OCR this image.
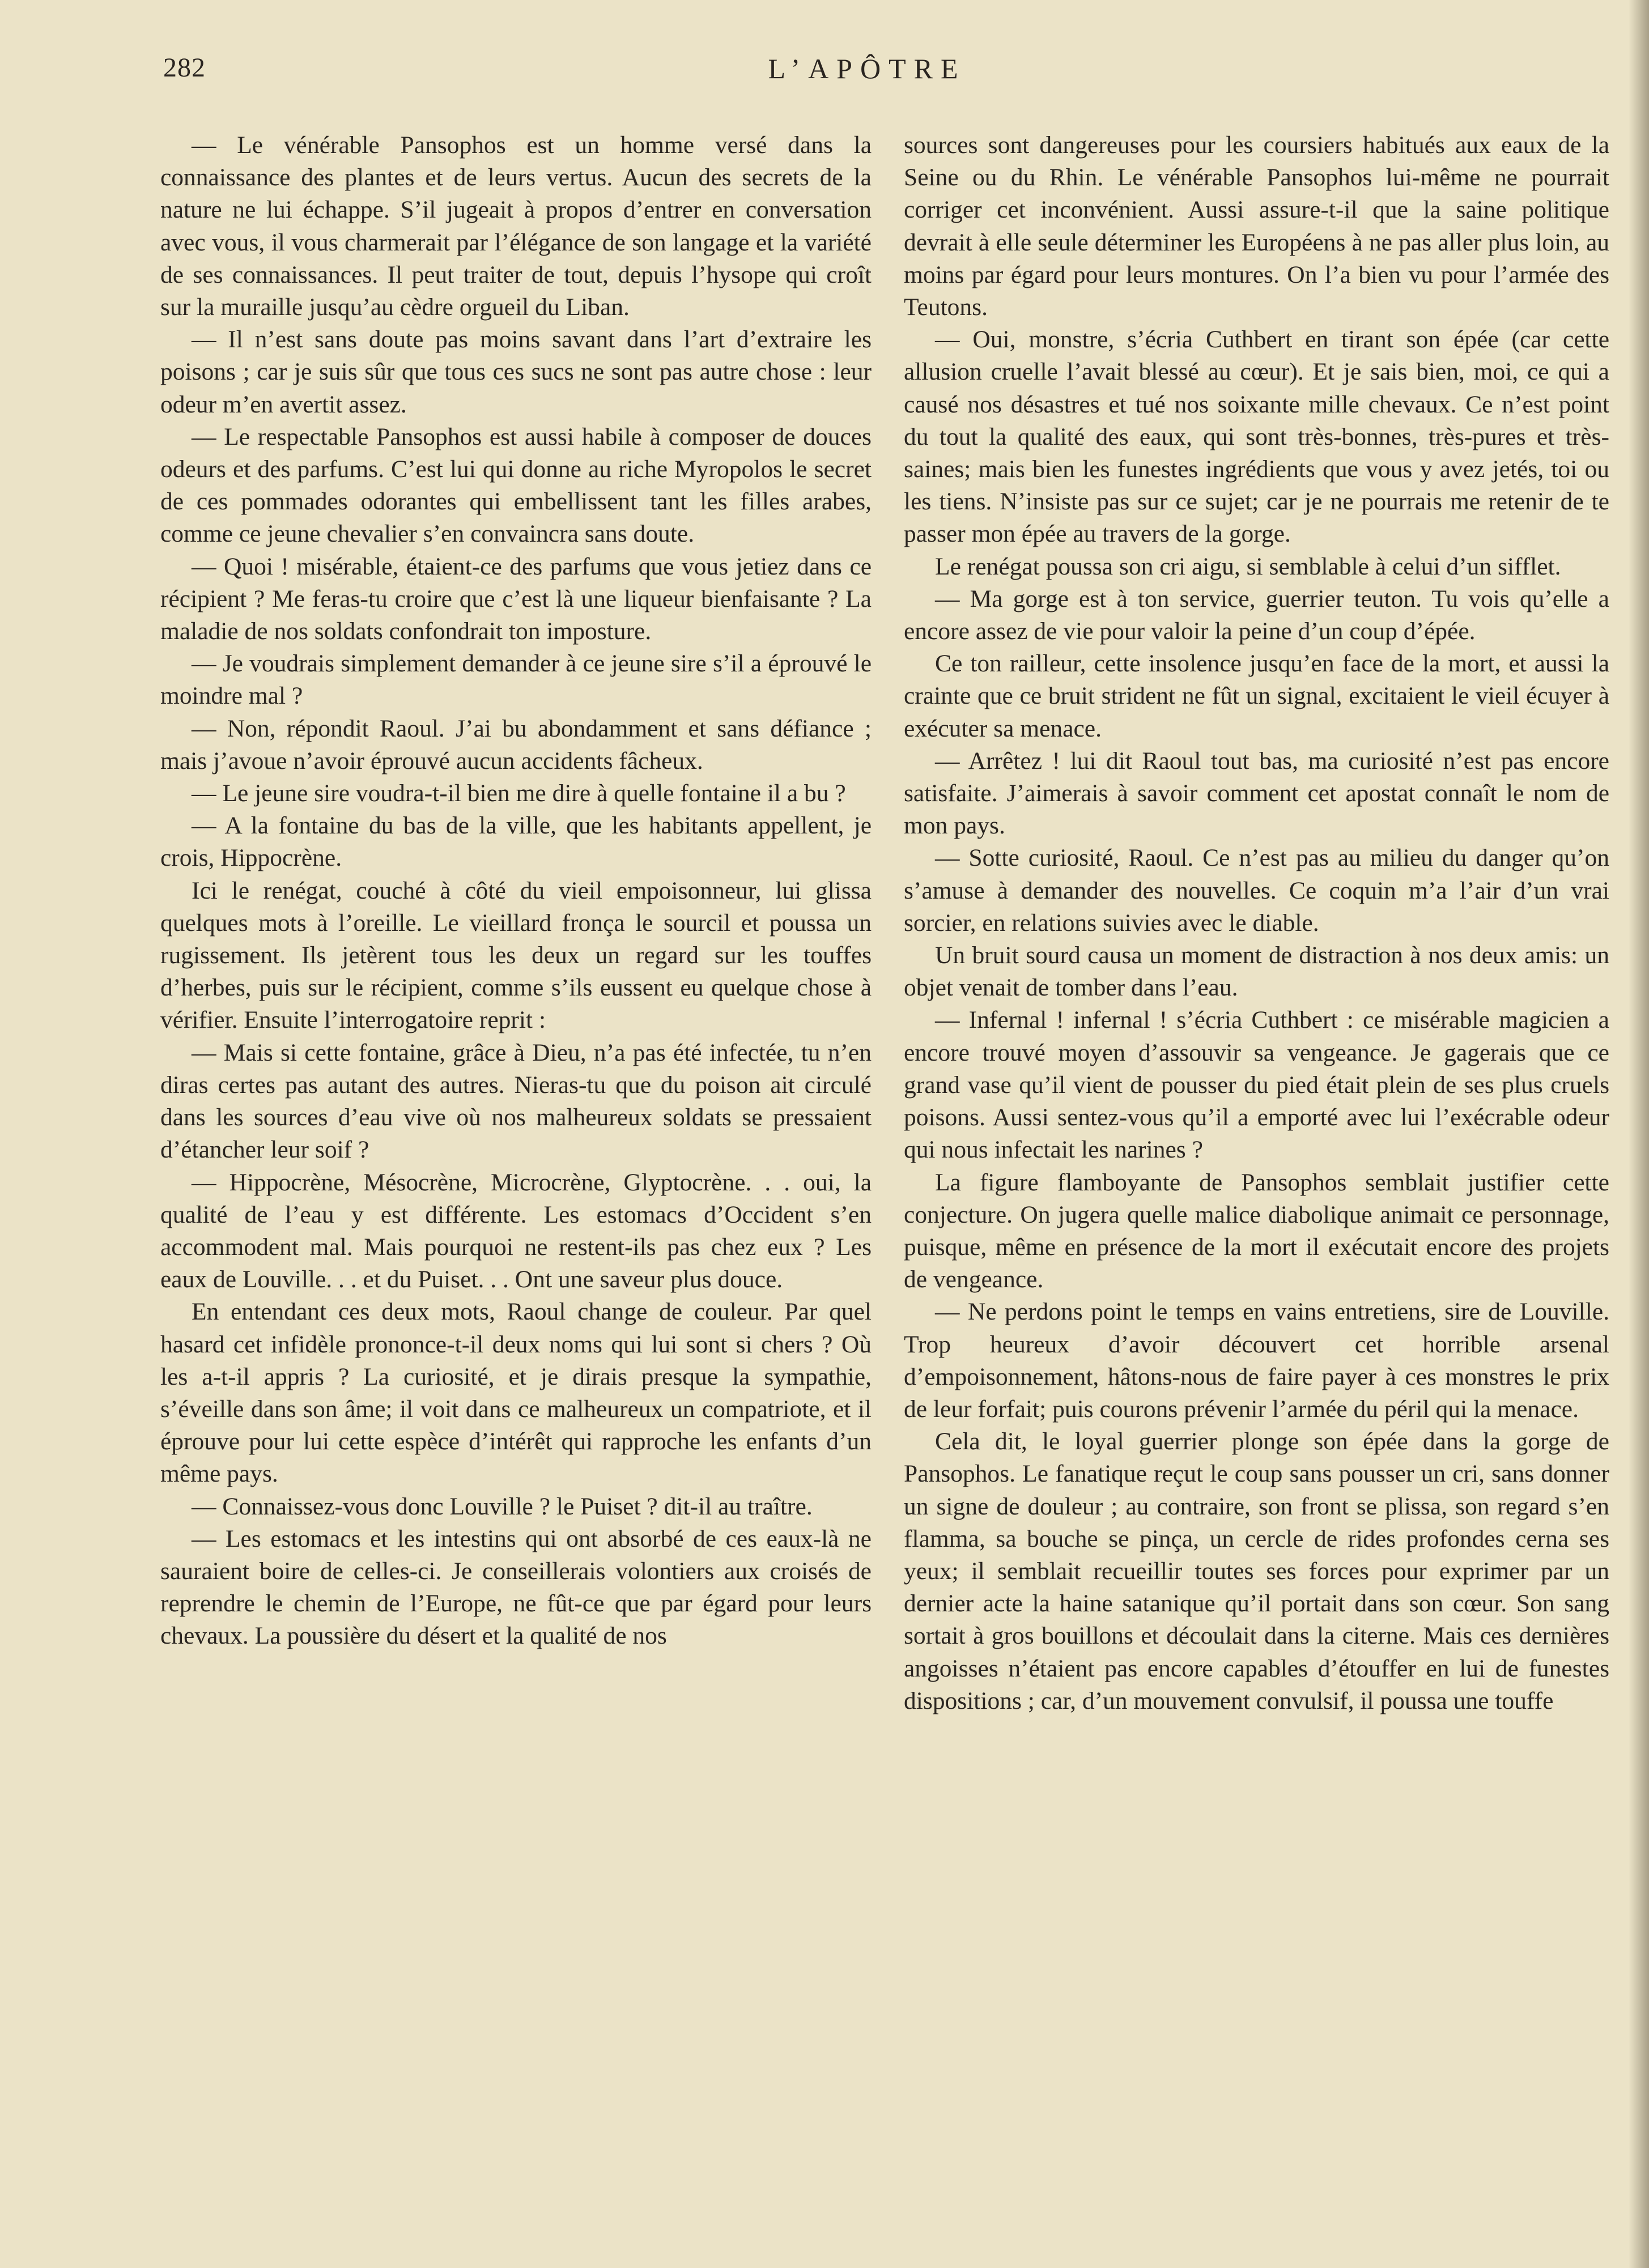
282	L’APÔTRE

— Le vénérable Pansophos est un homme versé dans la connaissance des plantes et de leurs vertus. Aucun des secrets de la nature ne lui échappe. S’il jugeait à propos d’entrer en conversation avec vous, il vous charmerait par l’élégance de son langage et la variété de ses connaissances. Il peut traiter de tout, depuis l’hysope qui croît sur la muraille jusqu’au cèdre orgueil du Liban.

— Il n’est sans doute pas moins savant dans l’art d’extraire les poisons ; car je suis sûr que tous ces sucs ne sont pas autre chose : leur odeur m’en avertit assez.

— Le respectable Pansophos est aussi habile à composer de douces odeurs et des parfums. C’est lui qui donne au riche Myropolos le secret de ces pommades odorantes qui embellissent tant les filles arabes, comme ce jeune chevalier s’en convaincra sans doute.

— Quoi ! misérable, étaient-ce des parfums que vous jetiez dans ce récipient ? Me feras-tu croire que c’est là une liqueur bienfaisante ? La maladie de nos soldats confondrait ton imposture.

— Je voudrais simplement demander à ce jeune sire s’il a éprouvé le moindre mal ?

— Non, répondit Raoul. J’ai bu abondamment et sans défiance ; mais j’avoue n’avoir éprouvé aucun accidents fâcheux.

— Le jeune sire voudra-t-il bien me dire à quelle fontaine il a bu ?

— A la fontaine du bas de la ville, que les habitants appellent, je crois, Hippocrène.

Ici le renégat, couché à côté du vieil empoisonneur, lui glissa quelques mots à l’oreille. Le vieillard fronça le sourcil et poussa un rugissement. Ils jetèrent tous les deux un regard sur les touffes d’herbes, puis sur le récipient, comme s’ils eussent eu quelque chose à vérifier. Ensuite l’interrogatoire reprit :

— Mais si cette fontaine, grâce à Dieu, n’a pas été infectée, tu n’en diras certes pas autant des autres. Nieras-tu que du poison ait circulé dans les sources d’eau vive où nos malheureux soldats se pressaient d’étancher leur soif ?

— Hippocrène, Mésocrène, Microcrène, Glyptocrène. . . oui, la qualité de l’eau y est différente. Les estomacs d’Occident s’en accommodent mal. Mais pourquoi ne restent-ils pas chez eux ? Les eaux de Louville. . . et du Puiset. . . Ont une saveur plus douce.

En entendant ces deux mots, Raoul change de couleur. Par quel hasard cet infidèle prononce-t-il deux noms qui lui sont si chers ? Où les a-t-il appris ? La curiosité, et je dirais presque la sympathie, s’éveille dans son âme; il voit dans ce malheureux un compatriote, et il éprouve pour lui cette espèce d’intérêt qui rapproche les enfants d’un même pays.

— Connaissez-vous donc Louville ? le Puiset ? dit-il au traître.

— Les estomacs et les intestins qui ont absorbé de ces eaux-là ne sauraient boire de celles-ci. Je conseillerais volontiers aux croisés de reprendre le chemin de l’Europe, ne fût-ce que par égard pour leurs chevaux. La poussière du désert et la qualité de nos

sources sont dangereuses pour les coursiers habitués aux eaux de la Seine ou du Rhin. Le vénérable Pansophos lui-même ne pourrait corriger cet inconvénient. Aussi assure-t-il que la saine politique devrait à elle seule déterminer les Européens à ne pas aller plus loin, au moins par égard pour leurs montures. On l’a bien vu pour l’armée des Teutons.

— Oui, monstre, s’écria Cuthbert en tirant son épée (car cette allusion cruelle l’avait blessé au cœur). Et je sais bien, moi, ce qui a causé nos désastres et tué nos soixante mille chevaux. Ce n’est point du tout la qualité des eaux, qui sont très-bonnes, très-pures et très-saines; mais bien les funestes ingrédients que vous y avez jetés, toi ou les tiens. N’insiste pas sur ce sujet; car je ne pourrais me retenir de te passer mon épée au travers de la gorge.

Le renégat poussa son cri aigu, si semblable à celui d’un sifflet.

— Ma gorge est à ton service, guerrier teuton. Tu vois qu’elle a encore assez de vie pour valoir la peine d’un coup d’épée.

Ce ton railleur, cette insolence jusqu’en face de la mort, et aussi la crainte que ce bruit strident ne fût un signal, excitaient le vieil écuyer à exécuter sa menace.

— Arrêtez ! lui dit Raoul tout bas, ma curiosité n’est pas encore satisfaite. J’aimerais à savoir comment cet apostat connaît le nom de mon pays.

— Sotte curiosité, Raoul. Ce n’est pas au milieu du danger qu’on s’amuse à demander des nouvelles. Ce coquin m’a l’air d’un vrai sorcier, en relations suivies avec le diable.

Un bruit sourd causa un moment de distraction à nos deux amis: un objet venait de tomber dans l’eau.

— Infernal ! infernal ! s’écria Cuthbert : ce misérable magicien a encore trouvé moyen d’assouvir sa vengeance. Je gagerais que ce grand vase qu’il vient de pousser du pied était plein de ses plus cruels poisons. Aussi sentez-vous qu’il a emporté avec lui l’exécrable odeur qui nous infectait les narines ?

La figure flamboyante de Pansophos semblait justifier cette conjecture. On jugera quelle malice diabolique animait ce personnage, puisque, même en présence de la mort il exécutait encore des projets de vengeance.

— Ne perdons point le temps en vains entretiens, sire de Louville. Trop heureux d’avoir découvert cet horrible arsenal d’empoisonnement, hâtons-nous de faire payer à ces monstres le prix de leur forfait; puis courons prévenir l’armée du péril qui la menace.

Cela dit, le loyal guerrier plonge son épée dans la gorge de Pansophos. Le fanatique reçut le coup sans pousser un cri, sans donner un signe de douleur ; au contraire, son front se plissa, son regard s’en flamma, sa bouche se pinça, un cercle de rides profondes cerna ses yeux; il semblait recueillir toutes ses forces pour exprimer par un dernier acte la haine satanique qu’il portait dans son cœur. Son sang sortait à gros bouillons et découlait dans la citerne. Mais ces dernières angoisses n’étaient pas encore capables d’étouffer en lui de funestes dispositions ; car, d’un mouvement convulsif, il poussa une touffe
